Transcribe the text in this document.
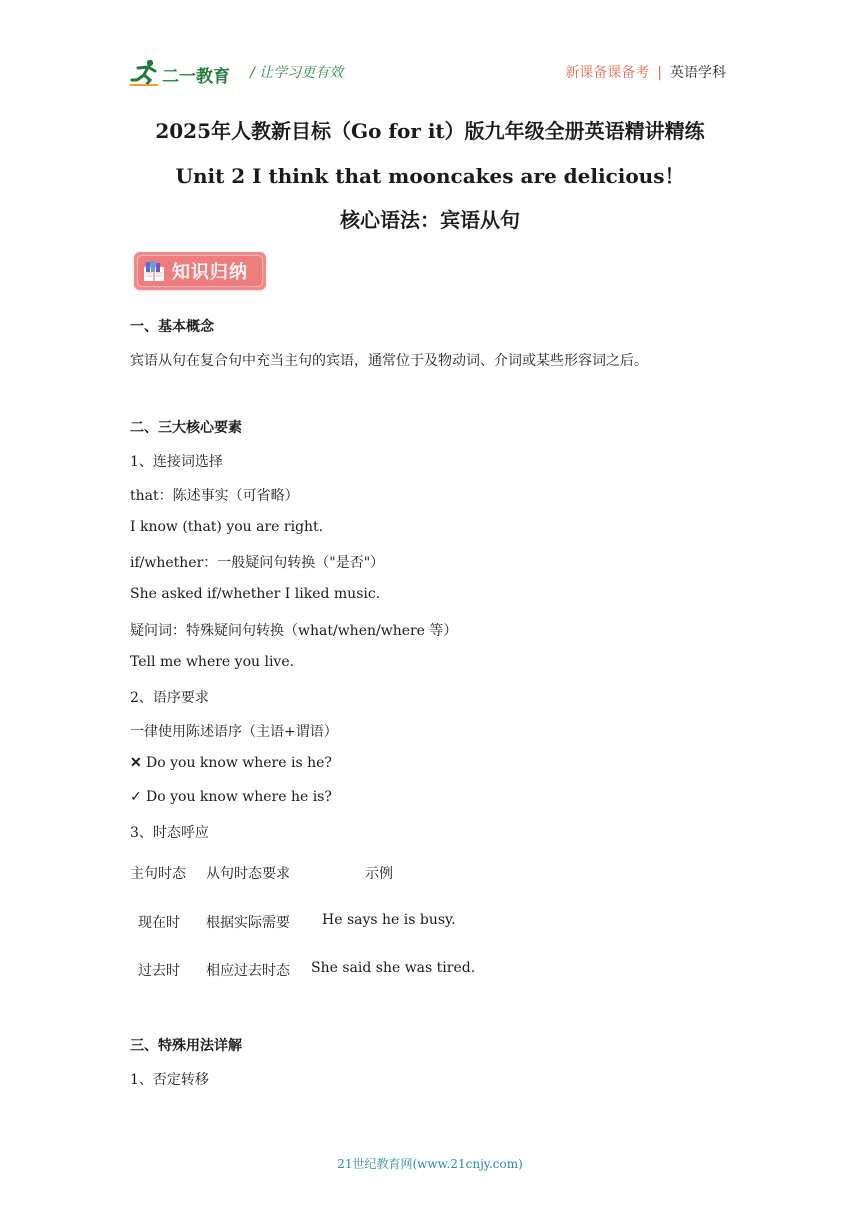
二一教育 / 让学习更有效	新课备课备考 | 英语学科
2025年人教新目标（Go for it）版九年级全册英语精讲精练
Unit 2 I think that mooncakes are delicious！
核心语法：宾语从句
知识归纳
一、基本概念
宾语从句在复合句中充当主句的宾语，通常位于及物动词、介词或某些形容词之后。
二、三大核心要素
1、连接词选择
that：陈述事实（可省略）
I know (that) you are right.
if/whether：一般疑问句转换（"是否"）
She asked if/whether I liked music.
疑问词：特殊疑问句转换（what/when/where 等）
Tell me where you live.
2、语序要求
一律使用陈述语序（主语+谓语）
✕ Do you know where is he?
✓ Do you know where he is?
3、时态呼应
主句时态 从句时态要求	示例
现在时 根据实际需要 He says he is busy.
过去时 相应过去时态 She said she was tired.
三、特殊用法详解
1、否定转移
21世纪教育网(www.21cnjy.com)
